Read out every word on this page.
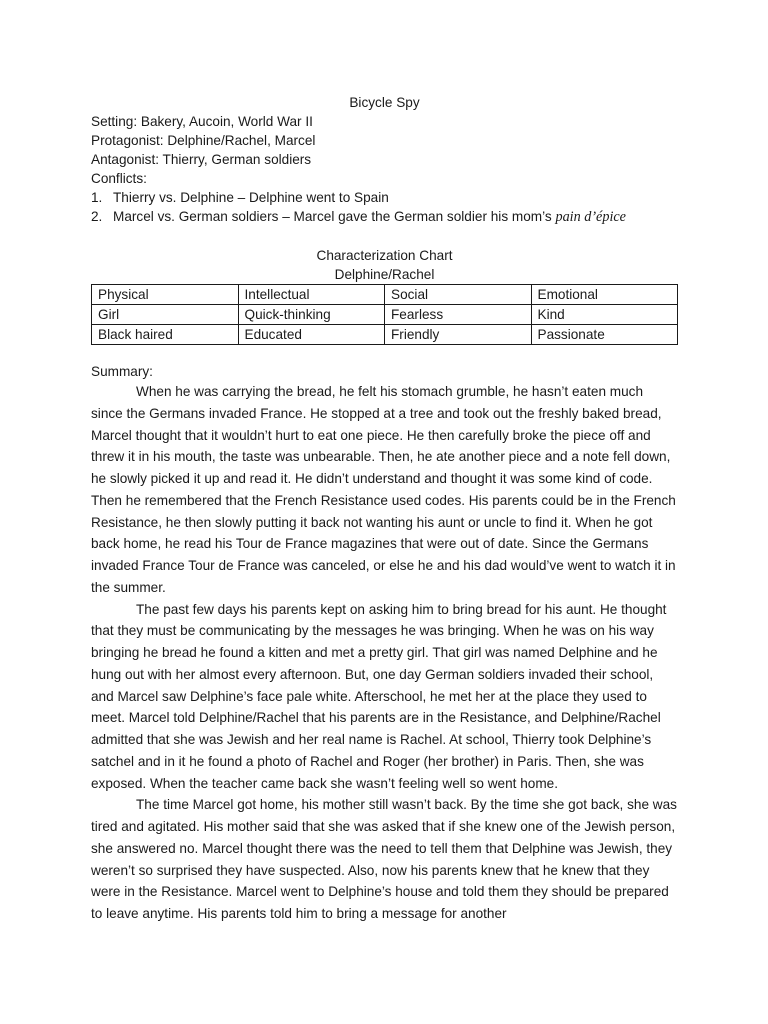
Bicycle Spy
Setting: Bakery, Aucoin, World War II
Protagonist: Delphine/Rachel, Marcel
Antagonist: Thierry, German soldiers
Conflicts:
1. Thierry vs. Delphine – Delphine went to Spain
2. Marcel vs. German soldiers – Marcel gave the German soldier his mom’s pain d’épice
Characterization Chart
Delphine/Rachel
Physical	Intellectual	Social	Emotional
Girl	Quick-thinking	Fearless	Kind
Black haired	Educated	Friendly	Passionate
Summary:

When he was carrying the bread, he felt his stomach grumble, he hasn’t eaten much since the Germans invaded France. He stopped at a tree and took out the freshly baked bread, Marcel thought that it wouldn’t hurt to eat one piece. He then carefully broke the piece off and threw it in his mouth, the taste was unbearable. Then, he ate another piece and a note fell down, he slowly picked it up and read it. He didn’t understand and thought it was some kind of code. Then he remembered that the French Resistance used codes. His parents could be in the French Resistance, he then slowly putting it back not wanting his aunt or uncle to find it. When he got back home, he read his Tour de France magazines that were out of date. Since the Germans invaded France Tour de France was canceled, or else he and his dad would’ve went to watch it in the summer.

The past few days his parents kept on asking him to bring bread for his aunt. He thought that they must be communicating by the messages he was bringing. When he was on his way bringing he bread he found a kitten and met a pretty girl. That girl was named Delphine and he hung out with her almost every afternoon. But, one day German soldiers invaded their school, and Marcel saw Delphine’s face pale white. Afterschool, he met her at the place they used to meet. Marcel told Delphine/Rachel that his parents are in the Resistance, and Delphine/Rachel admitted that she was Jewish and her real name is Rachel. At school, Thierry took Delphine’s satchel and in it he found a photo of Rachel and Roger (her brother) in Paris. Then, she was exposed. When the teacher came back she wasn’t feeling well so went home.

The time Marcel got home, his mother still wasn’t back. By the time she got back, she was tired and agitated. His mother said that she was asked that if she knew one of the Jewish person, she answered no. Marcel thought there was the need to tell them that Delphine was Jewish, they weren’t so surprised they have suspected. Also, now his parents knew that he knew that they were in the Resistance. Marcel went to Delphine’s house and told them they should be prepared to leave anytime. His parents told him to bring a message for another
